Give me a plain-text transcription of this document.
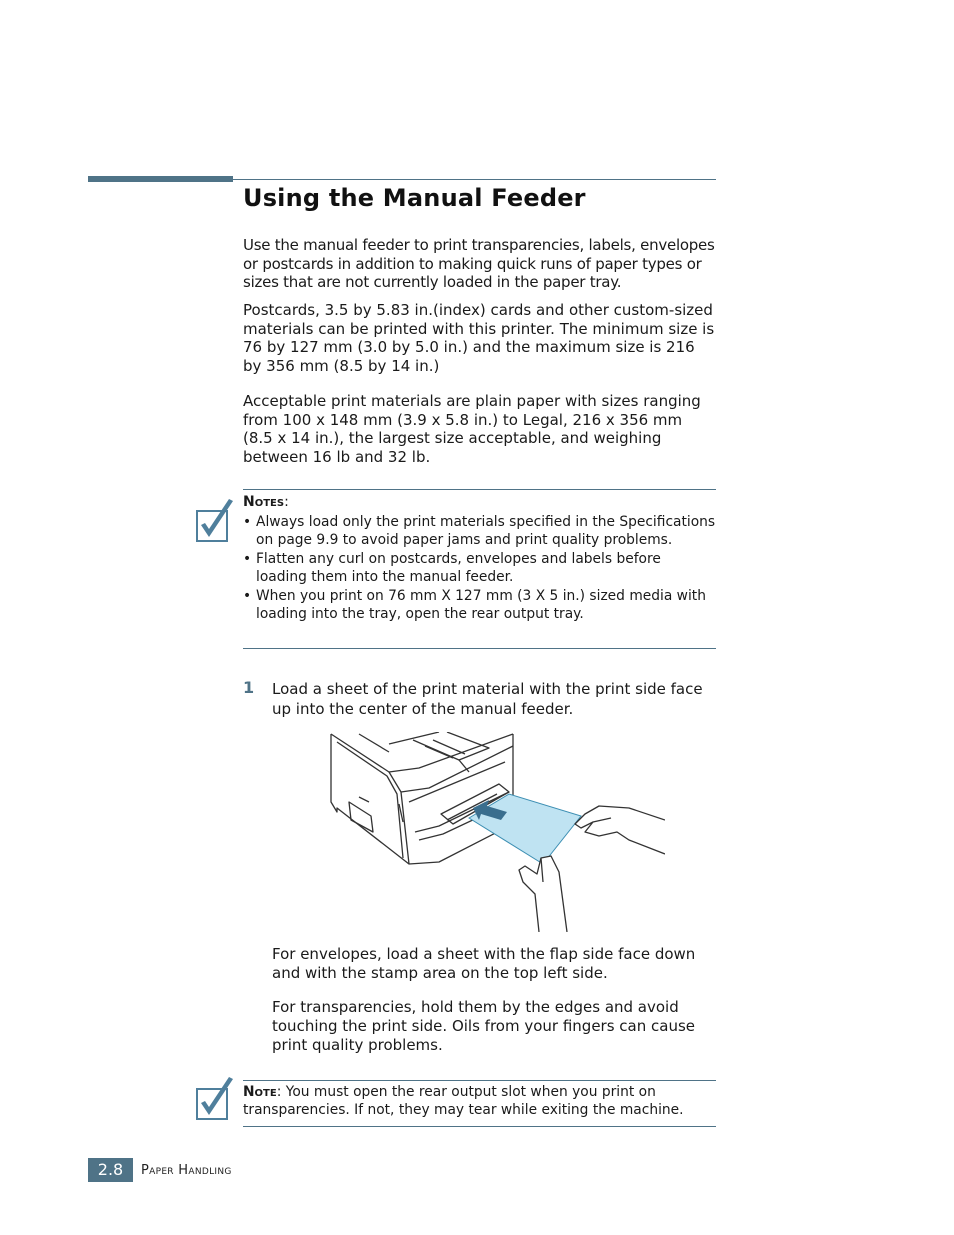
Using the Manual Feeder

Use the manual feeder to print transparencies, labels, envelopes or postcards in addition to making quick runs of paper types or sizes that are not currently loaded in the paper tray.

Postcards, 3.5 by 5.83 in.(index) cards and other custom-sized materials can be printed with this printer. The minimum size is 76 by 127 mm (3.0 by 5.0 in.) and the maximum size is 216 by 356 mm (8.5 by 14 in.)

Acceptable print materials are plain paper with sizes ranging from 100 x 148 mm (3.9 x 5.8 in.) to Legal, 216 x 356 mm (8.5 x 14 in.), the largest size acceptable, and weighing between 16 lb and 32 lb.

Notes:
• Always load only the print materials specified in the Specifications on page 9.9 to avoid paper jams and print quality problems.
• Flatten any curl on postcards, envelopes and labels before loading them into the manual feeder.
• When you print on 76 mm X 127 mm (3 X 5 in.) sized media with loading into the tray, open the rear output tray.
1 Load a sheet of the print material with the print side face up into the center of the manual feeder.

For envelopes, load a sheet with the flap side face down and with the stamp area on the top left side.

For transparencies, hold them by the edges and avoid touching the print side. Oils from your fingers can cause print quality problems.

Note: You must open the rear output slot when you print on transparencies. If not, they may tear while exiting the machine.

2.8	Paper Handling
